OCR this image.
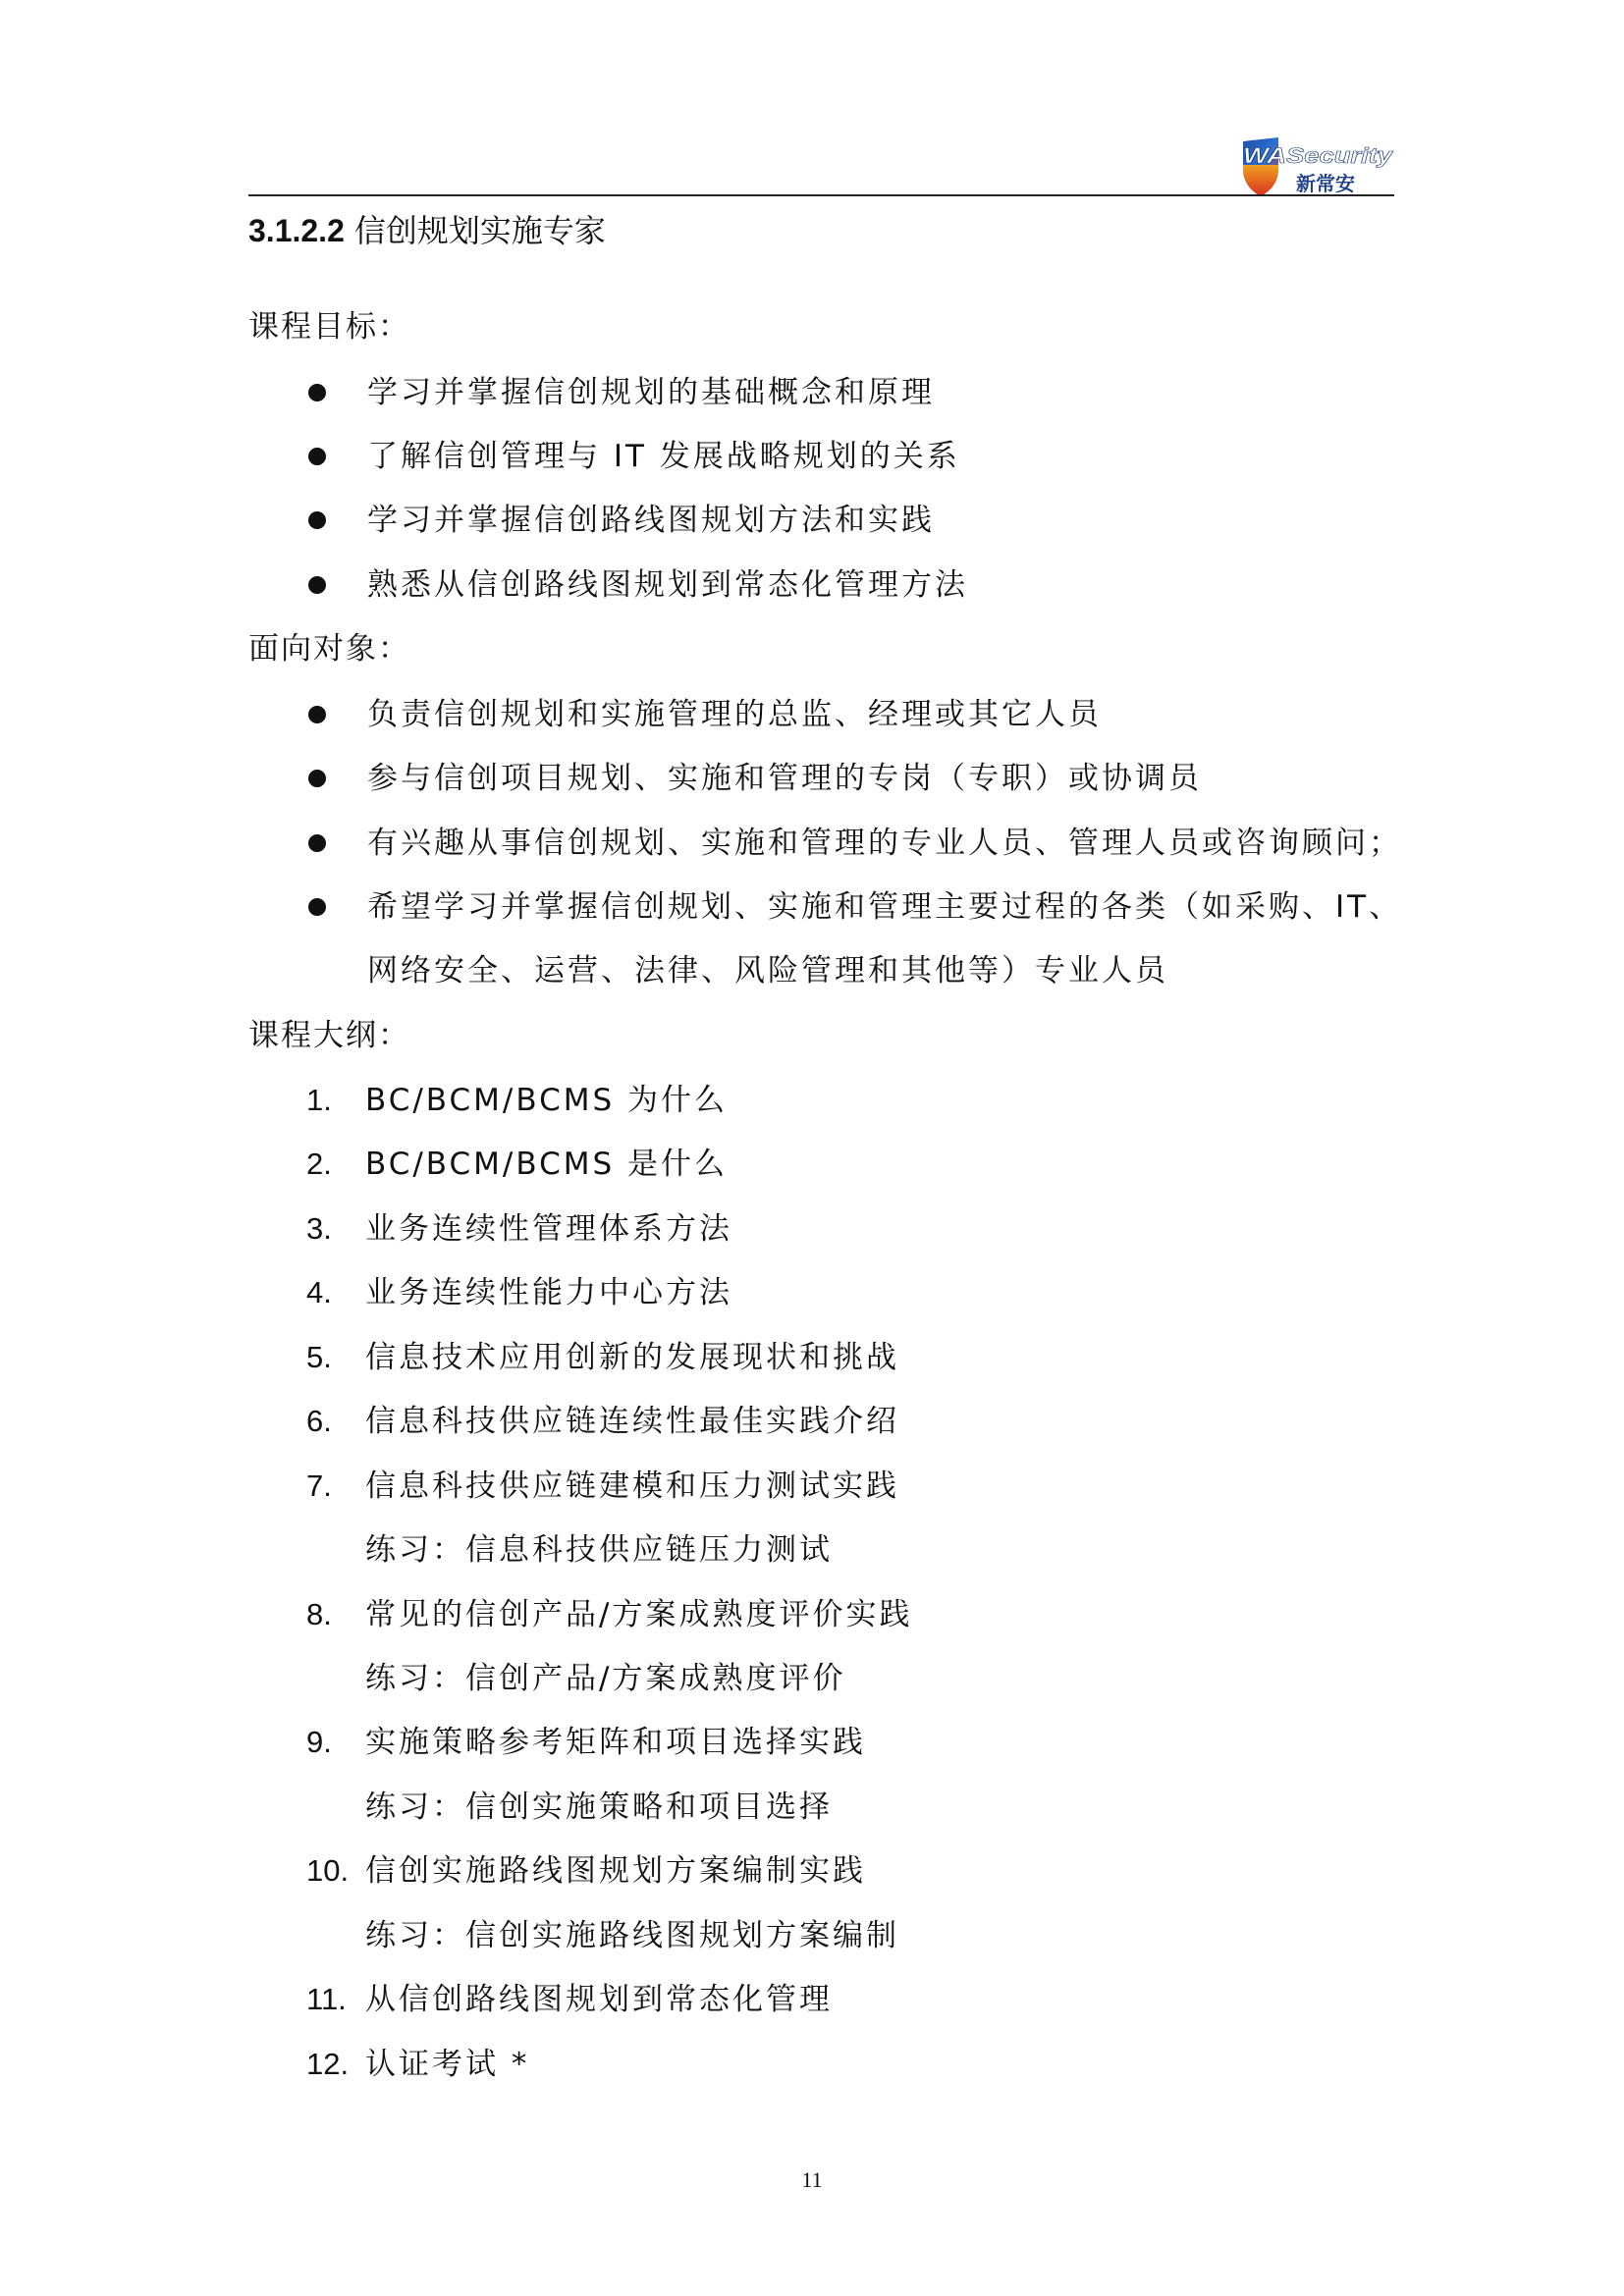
WASecurity
新常安
3.1.2.2 信创规划实施专家
课程目标：
学习并掌握信创规划的基础概念和原理
了解信创管理与 IT 发展战略规划的关系
学习并掌握信创路线图规划方法和实践
熟悉从信创路线图规划到常态化管理方法
面向对象：
负责信创规划和实施管理的总监、经理或其它人员
参与信创项目规划、实施和管理的专岗（专职）或协调员
有兴趣从事信创规划、实施和管理的专业人员、管理人员或咨询顾问；
希望学习并掌握信创规划、实施和管理主要过程的各类（如采购、IT、
网络安全、运营、法律、风险管理和其他等）专业人员
课程大纲：
1. BC/BCM/BCMS 为什么
2. BC/BCM/BCMS 是什么
3. 业务连续性管理体系方法
4. 业务连续性能力中心方法
5. 信息技术应用创新的发展现状和挑战
6. 信息科技供应链连续性最佳实践介绍
7. 信息科技供应链建模和压力测试实践
练习：信息科技供应链压力测试
8. 常见的信创产品/方案成熟度评价实践
练习：信创产品/方案成熟度评价
9. 实施策略参考矩阵和项目选择实践
练习：信创实施策略和项目选择
10. 信创实施路线图规划方案编制实践
练习：信创实施路线图规划方案编制
11. 从信创路线图规划到常态化管理
12. 认证考试 *
11
